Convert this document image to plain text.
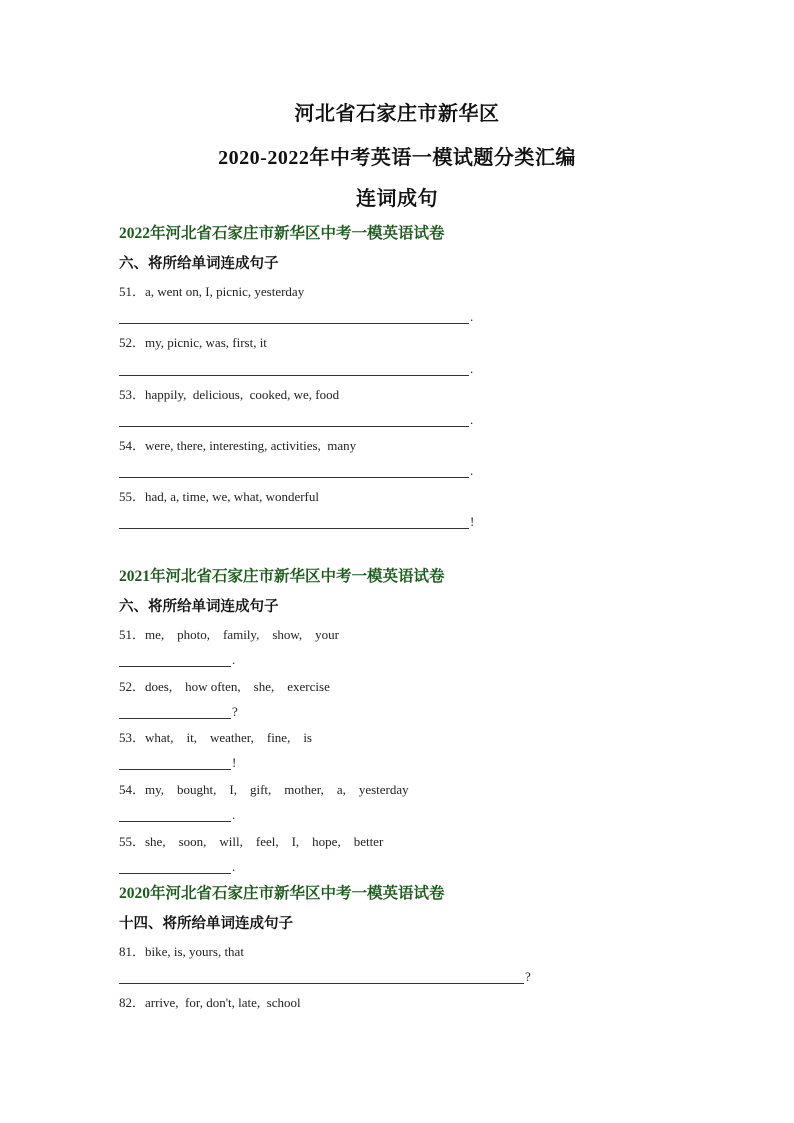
河北省石家庄市新华区
2020-2022年中考英语一模试题分类汇编
连词成句
2022年河北省石家庄市新华区中考一模英语试卷
六、将所给单词连成句子
51．a, went on, I, picnic, yesterday
.
52．my, picnic, was, first, it
.
53．happily,  delicious,  cooked, we, food
.
54．were, there, interesting, activities,  many
.
55．had, a, time, we, what, wonderful
!
2021年河北省石家庄市新华区中考一模英语试卷
六、将所给单词连成句子
51．me,    photo,    family,    show,    your
.
52．does,    how often,    she,    exercise
?
53．what,    it,    weather,    fine,    is
!
54．my,    bought,    I,    gift,    mother,    a,    yesterday
.
55．she,    soon,    will,    feel,    I,    hope,    better
.
2020年河北省石家庄市新华区中考一模英语试卷
十四、将所给单词连成句子
81．bike, is, yours, that
?
82．arrive,  for, don't, late,  school
